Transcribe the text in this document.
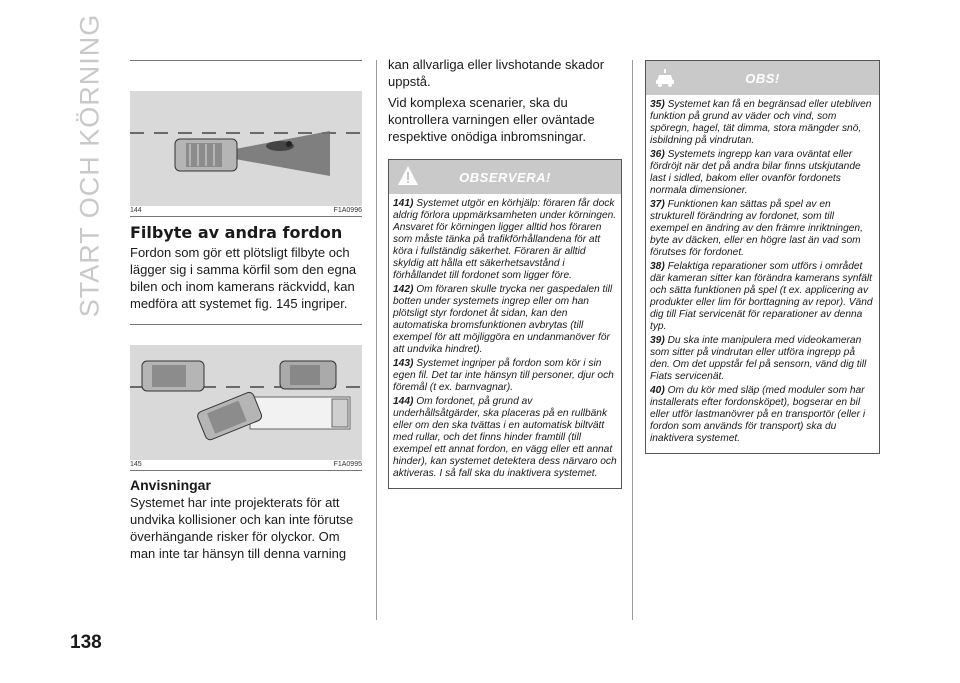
START OCH KÖRNING
138
144	F1A0996
Filbyte av andra fordon

Fordon som gör ett plötsligt filbyte och lägger sig i samma körfil som den egna bilen och inom kamerans räckvidd, kan medföra att systemet fig. 145 ingriper.

145	F1A0995
Anvisningar

Systemet har inte projekterats för att undvika kollisioner och kan inte förutse överhängande risker för olyckor. Om man inte tar hänsyn till denna varning

kan allvarliga eller livshotande skador uppstå.

Vid komplexa scenarier, ska du kontrollera varningen eller oväntade respektive onödiga inbromsningar.

OBSERVERA!

141) Systemet utgör en körhjälp: föraren får dock aldrig förlora uppmärksamheten under körningen. Ansvaret för körningen ligger alltid hos föraren som måste tänka på trafikförhållandena för att köra i fullständig säkerhet. Föraren är alltid skyldig att hålla ett säkerhetsavstånd i förhållandet till fordonet som ligger före.

142) Om föraren skulle trycka ner gaspedalen till botten under systemets ingrep eller om han plötsligt styr fordonet åt sidan, kan den automatiska bromsfunktionen avbrytas (till exempel för att möjliggöra en undanmanöver för att undvika hindret).

143) Systemet ingriper på fordon som kör i sin egen fil. Det tar inte hänsyn till personer, djur och föremål (t ex. barnvagnar).

144) Om fordonet, på grund av underhållsåtgärder, ska placeras på en rullbänk eller om den ska tvättas i en automatisk biltvätt med rullar, och det finns hinder framtill (till exempel ett annat fordon, en vägg eller ett annat hinder), kan systemet detektera dess närvaro och aktiveras. I så fall ska du inaktivera systemet.

OBS!

35) Systemet kan få en begränsad eller utebliven funktion på grund av väder och vind, som spöregn, hagel, tät dimma, stora mängder snö, isbildning på vindrutan.

36) Systemets ingrepp kan vara oväntat eller fördröjt när det på andra bilar finns utskjutande last i sidled, bakom eller ovanför fordonets normala dimensioner.

37) Funktionen kan sättas på spel av en strukturell förändring av fordonet, som till exempel en ändring av den främre inriktningen, byte av däcken, eller en högre last än vad som förutses för fordonet.

38) Felaktiga reparationer som utförs i området där kameran sitter kan förändra kamerans synfält och sätta funktionen på spel (t ex. applicering av produkter eller lim för borttagning av repor). Vänd dig till Fiat servicenät för reparationer av denna typ.

39) Du ska inte manipulera med videokameran som sitter på vindrutan eller utföra ingrepp på den. Om det uppstår fel på sensorn, vänd dig till Fiats servicenät.

40) Om du kör med släp (med moduler som har installerats efter fordonsköpet), bogserar en bil eller utför lastmanövrer på en transportör (eller i fordon som används för transport) ska du inaktivera systemet.
